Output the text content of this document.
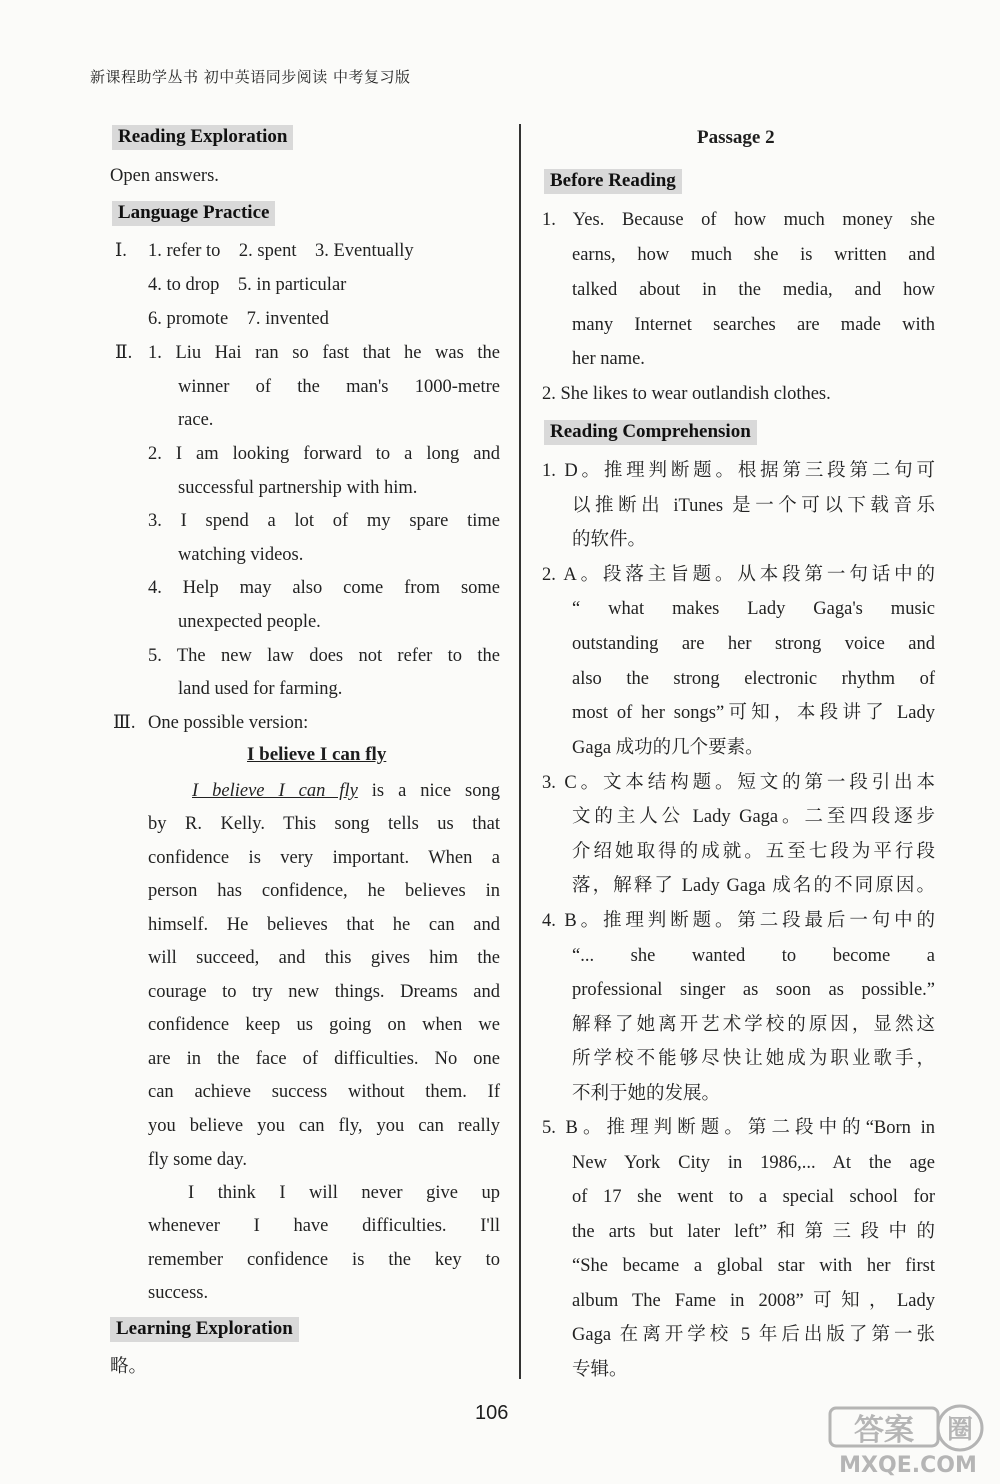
新课程助学丛书 初中英语同步阅读 中考复习版
Reading Exploration
Open answers.
Language Practice
Ⅰ. 1. refer to    2. spent    3. Eventually
4. to drop    5. in particular
6. promote    7. invented
Ⅱ. 1. Liu Hai ran so fast that he was the
winner of the man's 1000-metre
race.
2. I am looking forward to a long and
successful partnership with him.
3. I spend a lot of my spare time
watching videos.
4. Help may also come from some
unexpected people.
5. The new law does not refer to the
land used for farming.
Ⅲ. One possible version:
I believe I can fly
I believe I can fly is a nice song
by R. Kelly. This song tells us that
confidence is very important. When a
person has confidence, he believes in
himself. He believes that he can and
will succeed, and this gives him the
courage to try new things. Dreams and
confidence keep us going on when we
are in the face of difficulties. No one
can achieve success without them. If
you believe you can fly, you can really
fly some day.
I think I will never give up
whenever I have difficulties. I'll
remember confidence is the key to
success.
Learning Exploration
略。
Passage 2
Before Reading
1. Yes. Because of how much money she
earns, how much she is written and
talked about in the media, and how
many Internet searches are made with
her name.
2. She likes to wear outlandish clothes.
Reading Comprehension
1. D。推理判断题。根据第三段第二句可
以推断出 iTunes 是一个可以下载音乐
的软件。
2. A。段落主旨题。从本段第一句话中的
“ what makes Lady Gaga's music
outstanding are her strong voice and
also the strong electronic rhythm of
most of her songs”可知，本段讲了 Lady
Gaga 成功的几个要素。
3. C。文本结构题。短文的第一段引出本
文的主人公 Lady Gaga。二至四段逐步
介绍她取得的成就。五至七段为平行段
落，解释了 Lady Gaga 成名的不同原因。
4. B。推理判断题。第二段最后一句中的
“... she wanted to become a
professional singer as soon as possible.”
解释了她离开艺术学校的原因，显然这
所学校不能够尽快让她成为职业歌手，
不利于她的发展。
5. B。推理判断题。第二段中的“Born in
New York City in 1986,... At the age
of 17 she went to a special school for
the arts but later left”和第三段中的
“She became a global star with her first
album The Fame in 2008”可知，Lady
Gaga 在离开学校 5 年后出版了第一张
专辑。
106	答案 圈
MXQE.COM
